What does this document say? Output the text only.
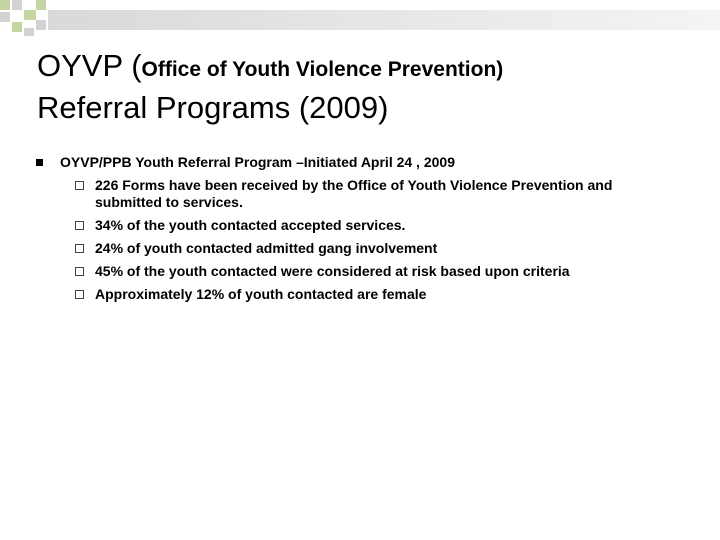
OYVP (Office of Youth Violence Prevention)
Referral Programs (2009)
OYVP/PPB Youth Referral Program –Initiated April 24 , 2009
226 Forms have been received by the Office of Youth Violence Prevention and submitted to services.
34% of the youth contacted accepted services.
24% of youth contacted admitted gang involvement
45% of the youth contacted were considered at risk based upon criteria
Approximately 12% of youth contacted are female
